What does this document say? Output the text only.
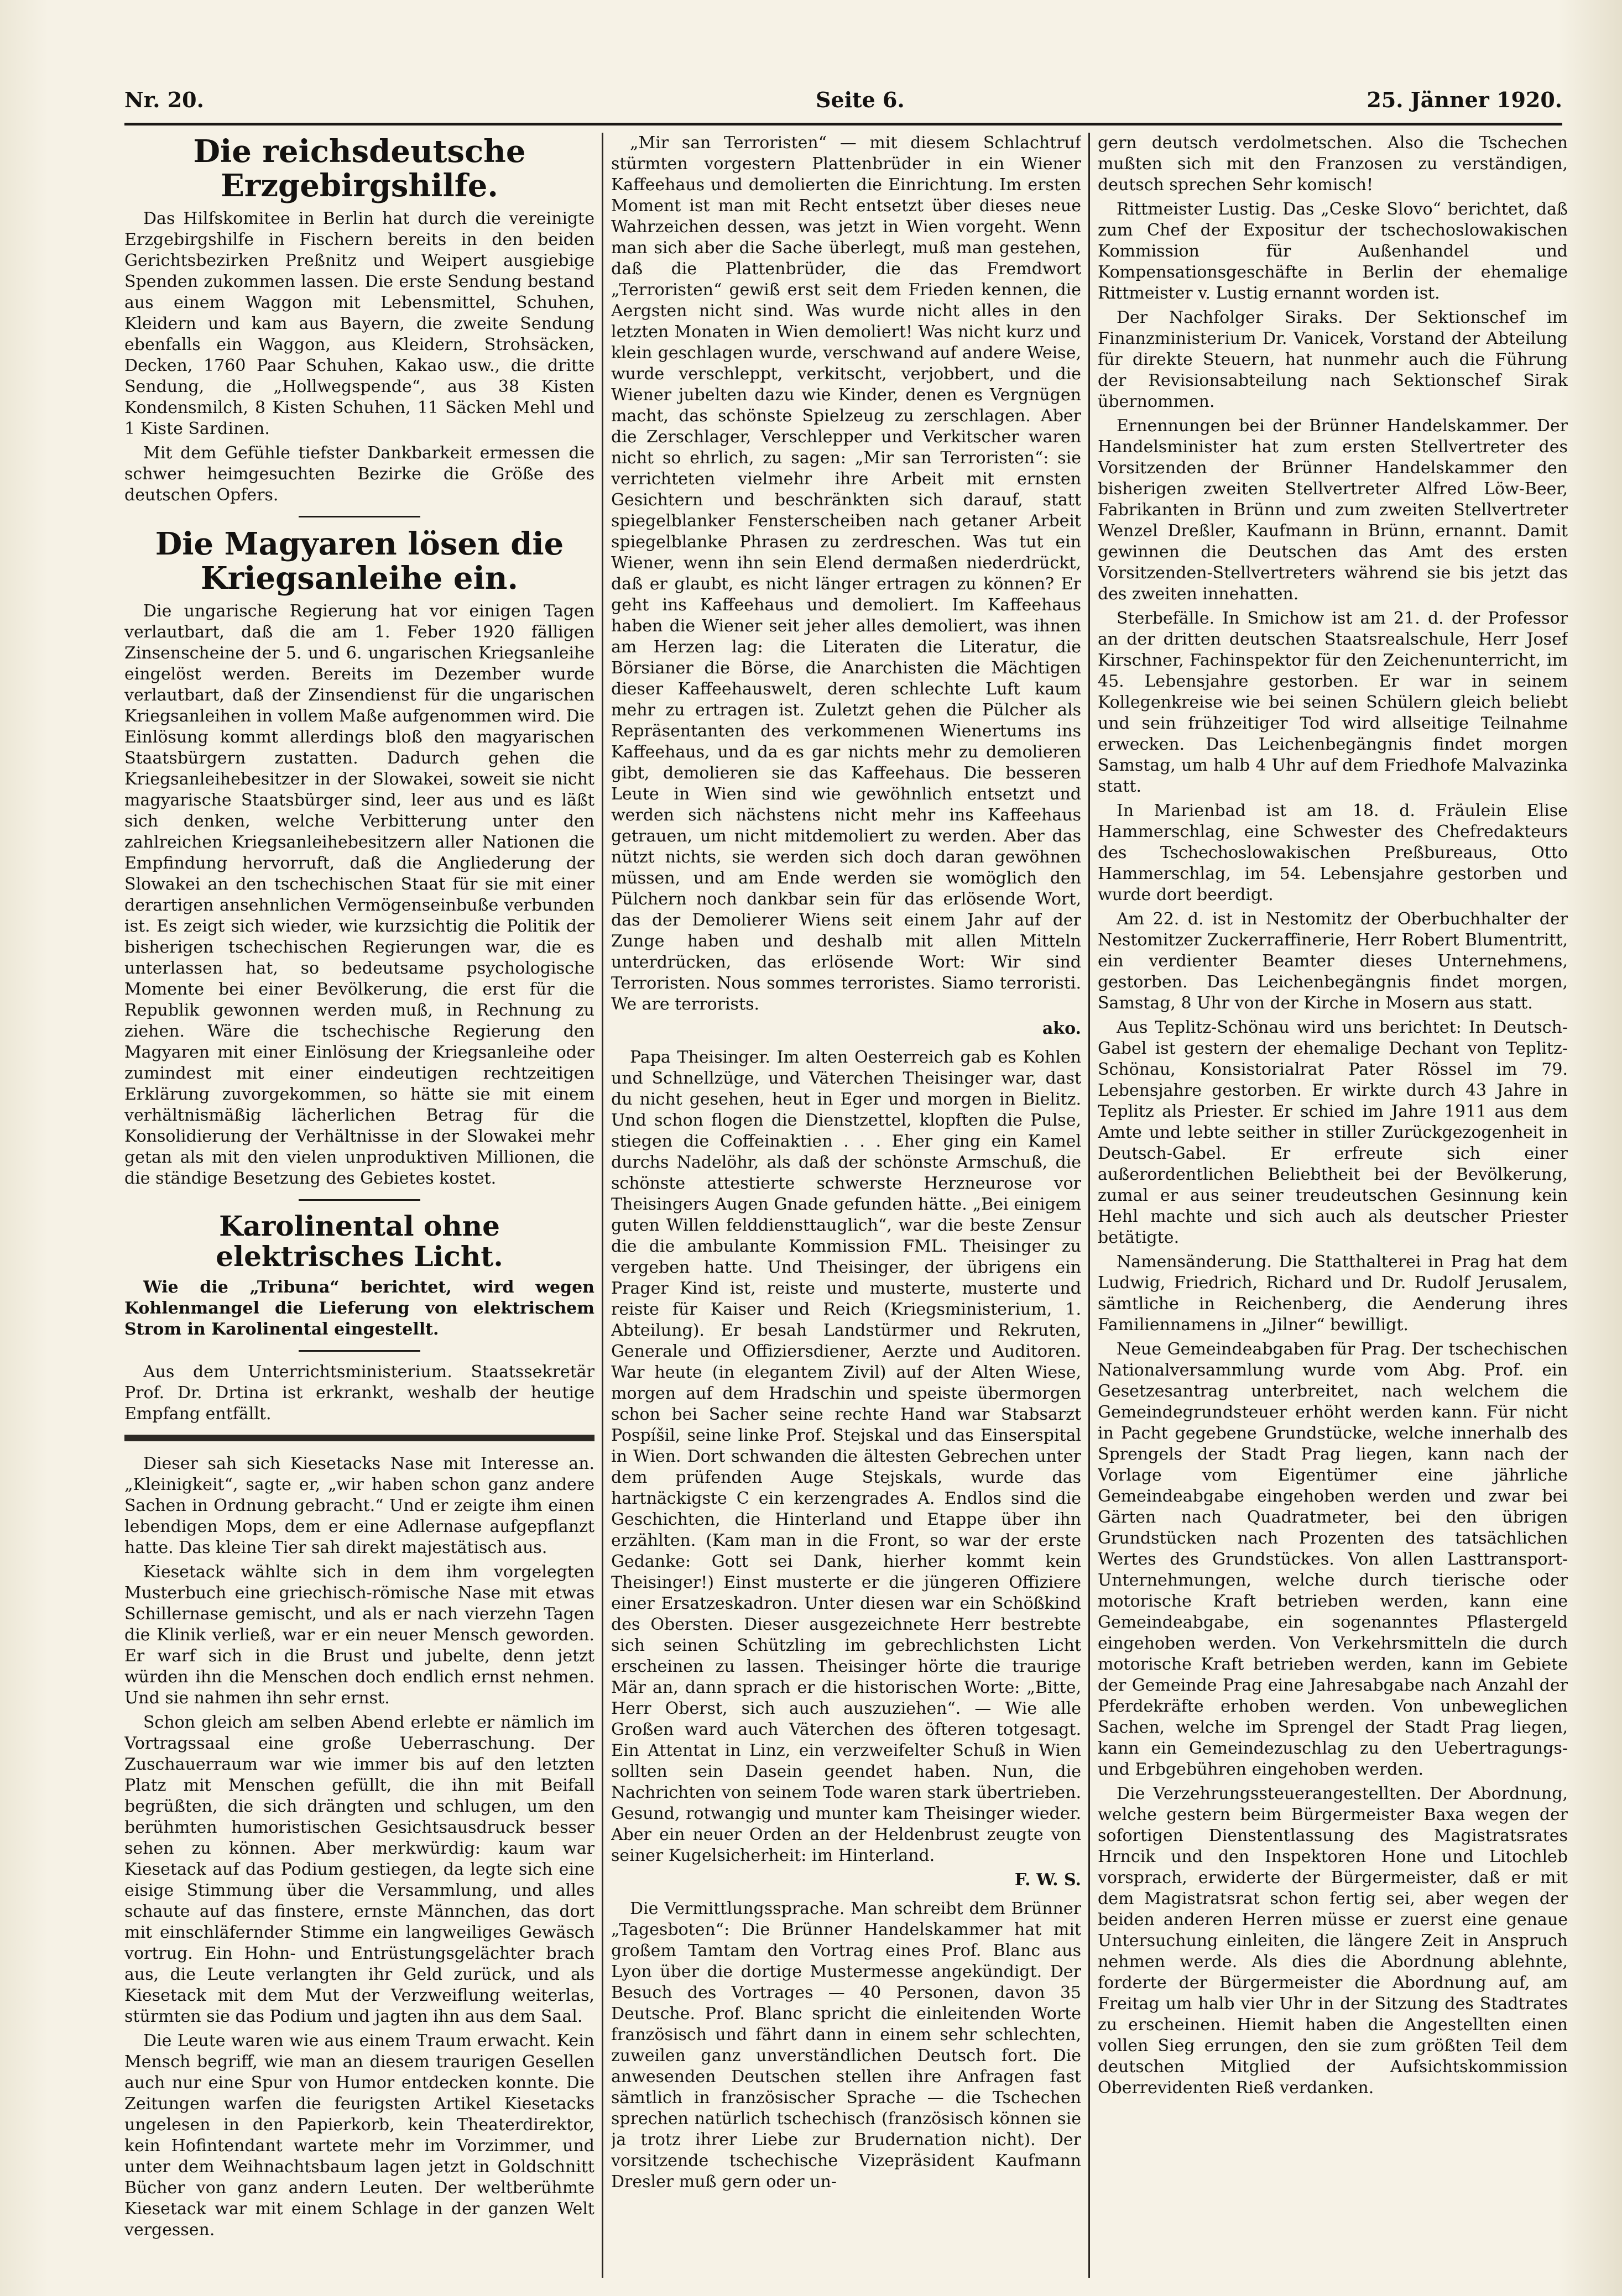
Nr. 20.	Seite 6.	25. Jänner 1920.
Die reichsdeutsche Erzgebirgshilfe.

Das Hilfskomitee in Berlin hat durch die vereinigte Erzgebirgshilfe in Fischern bereits in den beiden Gerichtsbezirken Preßnitz und Weipert ausgiebige Spenden zukommen lassen. Die erste Sendung bestand aus einem Waggon mit Lebensmittel, Schuhen, Kleidern und kam aus Bayern, die zweite Sendung ebenfalls ein Waggon, aus Kleidern, Strohsäcken, Decken, 1760 Paar Schuhen, Kakao usw., die dritte Sendung, die „Hollwegspende“, aus 38 Kisten Kondensmilch, 8 Kisten Schuhen, 11 Säcken Mehl und 1 Kiste Sardinen.

Mit dem Gefühle tiefster Dankbarkeit ermessen die schwer heimgesuchten Bezirke die Größe des deutschen Opfers.

Die Magyaren lösen die Kriegsanleihe ein.

Die ungarische Regierung hat vor einigen Tagen verlautbart, daß die am 1. Feber 1920 fälligen Zinsenscheine der 5. und 6. ungarischen Kriegsanleihe eingelöst werden. Bereits im Dezember wurde verlautbart, daß der Zinsendienst für die ungarischen Kriegsanleihen in vollem Maße aufgenommen wird. Die Einlösung kommt allerdings bloß den magyarischen Staatsbürgern zustatten. Dadurch gehen die Kriegsanleihebesitzer in der Slowakei, soweit sie nicht magyarische Staatsbürger sind, leer aus und es läßt sich denken, welche Verbitterung unter den zahlreichen Kriegsanleihebesitzern aller Nationen die Empfindung hervorruft, daß die Angliederung der Slowakei an den tschechischen Staat für sie mit einer derartigen ansehnlichen Vermögenseinbuße verbunden ist. Es zeigt sich wieder, wie kurzsichtig die Politik der bisherigen tschechischen Regierungen war, die es unterlassen hat, so bedeutsame psychologische Momente bei einer Bevölkerung, die erst für die Republik gewonnen werden muß, in Rechnung zu ziehen. Wäre die tschechische Regierung den Magyaren mit einer Einlösung der Kriegsanleihe oder zumindest mit einer eindeutigen rechtzeitigen Erklärung zuvorgekommen, so hätte sie mit einem verhältnismäßig lächerlichen Betrag für die Konsolidierung der Verhältnisse in der Slowakei mehr getan als mit den vielen unproduktiven Millionen, die die ständige Besetzung des Gebietes kostet.

Karolinental ohne elektrisches Licht.

Wie die „Tribuna“ berichtet, wird wegen Kohlenmangel die Lieferung von elektrischem Strom in Karolinental eingestellt.

Aus dem Unterrichtsministerium. Staatssekretär Prof. Dr. Drtina ist erkrankt, weshalb der heutige Empfang entfällt.

Dieser sah sich Kiesetacks Nase mit Interesse an. „Kleinigkeit“, sagte er, „wir haben schon ganz andere Sachen in Ordnung gebracht.“ Und er zeigte ihm einen lebendigen Mops, dem er eine Adlernase aufgepflanzt hatte. Das kleine Tier sah direkt majestätisch aus.

Kiesetack wählte sich in dem ihm vorgelegten Musterbuch eine griechisch-römische Nase mit etwas Schillernase gemischt, und als er nach vierzehn Tagen die Klinik verließ, war er ein neuer Mensch geworden. Er warf sich in die Brust und jubelte, denn jetzt würden ihn die Menschen doch endlich ernst nehmen. Und sie nahmen ihn sehr ernst.

Schon gleich am selben Abend erlebte er nämlich im Vortragssaal eine große Ueberraschung. Der Zuschauerraum war wie immer bis auf den letzten Platz mit Menschen gefüllt, die ihn mit Beifall begrüßten, die sich drängten und schlugen, um den berühmten humoristischen Gesichtsausdruck besser sehen zu können. Aber merkwürdig: kaum war Kiesetack auf das Podium gestiegen, da legte sich eine eisige Stimmung über die Versammlung, und alles schaute auf das finstere, ernste Männchen, das dort mit einschläfernder Stimme ein langweiliges Gewäsch vortrug. Ein Hohn- und Entrüstungsgelächter brach aus, die Leute verlangten ihr Geld zurück, und als Kiesetack mit dem Mut der Verzweiflung weiterlas, stürmten sie das Podium und jagten ihn aus dem Saal.

Die Leute waren wie aus einem Traum erwacht. Kein Mensch begriff, wie man an diesem traurigen Gesellen auch nur eine Spur von Humor entdecken konnte. Die Zeitungen warfen die feurigsten Artikel Kiesetacks ungelesen in den Papierkorb, kein Theaterdirektor, kein Hofintendant wartete mehr im Vorzimmer, und unter dem Weihnachtsbaum lagen jetzt in Goldschnitt Bücher von ganz andern Leuten. Der weltberühmte Kiesetack war mit einem Schlage in der ganzen Welt vergessen.

„Mir san Terroristen“ — mit diesem Schlachtruf stürmten vorgestern Plattenbrüder in ein Wiener Kaffeehaus und demolierten die Einrichtung. Im ersten Moment ist man mit Recht entsetzt über dieses neue Wahrzeichen dessen, was jetzt in Wien vorgeht. Wenn man sich aber die Sache überlegt, muß man gestehen, daß die Plattenbrüder, die das Fremdwort „Terroristen“ gewiß erst seit dem Frieden kennen, die Aergsten nicht sind. Was wurde nicht alles in den letzten Monaten in Wien demoliert! Was nicht kurz und klein geschlagen wurde, verschwand auf andere Weise, wurde verschleppt, verkitscht, verjobbert, und die Wiener jubelten dazu wie Kinder, denen es Vergnügen macht, das schönste Spielzeug zu zerschlagen. Aber die Zerschlager, Verschlepper und Verkitscher waren nicht so ehrlich, zu sagen: „Mir san Terroristen“: sie verrichteten vielmehr ihre Arbeit mit ernsten Gesichtern und beschränkten sich darauf, statt spiegelblanker Fensterscheiben nach getaner Arbeit spiegelblanke Phrasen zu zerdreschen. Was tut ein Wiener, wenn ihn sein Elend dermaßen niederdrückt, daß er glaubt, es nicht länger ertragen zu können? Er geht ins Kaffeehaus und demoliert. Im Kaffeehaus haben die Wiener seit jeher alles demoliert, was ihnen am Herzen lag: die Literaten die Literatur, die Börsianer die Börse, die Anarchisten die Mächtigen dieser Kaffeehauswelt, deren schlechte Luft kaum mehr zu ertragen ist. Zuletzt gehen die Pülcher als Repräsentanten des verkommenen Wienertums ins Kaffeehaus, und da es gar nichts mehr zu demolieren gibt, demolieren sie das Kaffeehaus. Die besseren Leute in Wien sind wie gewöhnlich entsetzt und werden sich nächstens nicht mehr ins Kaffeehaus getrauen, um nicht mitdemoliert zu werden. Aber das nützt nichts, sie werden sich doch daran gewöhnen müssen, und am Ende werden sie womöglich den Pülchern noch dankbar sein für das erlösende Wort, das der Demolierer Wiens seit einem Jahr auf der Zunge haben und deshalb mit allen Mitteln unterdrücken, das erlösende Wort: Wir sind Terroristen. Nous sommes terroristes. Siamo terroristi. We are terrorists.

ako.

Papa Theisinger. Im alten Oesterreich gab es Kohlen und Schnellzüge, und Väterchen Theisinger war, dast du nicht gesehen, heut in Eger und morgen in Bielitz. Und schon flogen die Dienstzettel, klopften die Pulse, stiegen die Coffeinaktien . . . Eher ging ein Kamel durchs Nadelöhr, als daß der schönste Armschuß, die schönste attestierte schwerste Herzneurose vor Theisingers Augen Gnade gefunden hätte. „Bei einigem guten Willen felddiensttauglich“, war die beste Zensur die die ambulante Kommission FML. Theisinger zu vergeben hatte. Und Theisinger, der übrigens ein Prager Kind ist, reiste und musterte, musterte und reiste für Kaiser und Reich (Kriegsministerium, 1. Abteilung). Er besah Landstürmer und Rekruten, Generale und Offiziersdiener, Aerzte und Auditoren. War heute (in elegantem Zivil) auf der Alten Wiese, morgen auf dem Hradschin und speiste übermorgen schon bei Sacher seine rechte Hand war Stabsarzt Pospíšil, seine linke Prof. Stejskal und das Einserspital in Wien. Dort schwanden die ältesten Gebrechen unter dem prüfenden Auge Stejskals, wurde das hartnäckigste C ein kerzengrades A. Endlos sind die Geschichten, die Hinterland und Etappe über ihn erzählten. (Kam man in die Front, so war der erste Gedanke: Gott sei Dank, hierher kommt kein Theisinger!) Einst musterte er die jüngeren Offiziere einer Ersatzeskadron. Unter diesen war ein Schößkind des Obersten. Dieser ausgezeichnete Herr bestrebte sich seinen Schützling im gebrechlichsten Licht erscheinen zu lassen. Theisinger hörte die traurige Mär an, dann sprach er die historischen Worte: „Bitte, Herr Oberst, sich auch auszuziehen“. — Wie alle Großen ward auch Väterchen des öfteren totgesagt. Ein Attentat in Linz, ein verzweifelter Schuß in Wien sollten sein Dasein geendet haben. Nun, die Nachrichten von seinem Tode waren stark übertrieben. Gesund, rotwangig und munter kam Theisinger wieder. Aber ein neuer Orden an der Heldenbrust zeugte von seiner Kugelsicherheit: im Hinterland.

F. W. S.

Die Vermittlungssprache. Man schreibt dem Brünner „Tagesboten“: Die Brünner Handelskammer hat mit großem Tamtam den Vortrag eines Prof. Blanc aus Lyon über die dortige Mustermesse angekündigt. Der Besuch des Vortrages — 40 Personen, davon 35 Deutsche. Prof. Blanc spricht die einleitenden Worte französisch und fährt dann in einem sehr schlechten, zuweilen ganz unverständlichen Deutsch fort. Die anwesenden Deutschen stellen ihre Anfragen fast sämtlich in französischer Sprache — die Tschechen sprechen natürlich tschechisch (französisch können sie ja trotz ihrer Liebe zur Brudernation nicht). Der vorsitzende tschechische Vizepräsident Kaufmann Dresler muß gern oder un-

gern deutsch verdolmetschen. Also die Tschechen mußten sich mit den Franzosen zu verständigen, deutsch sprechen Sehr komisch!

Rittmeister Lustig. Das „Ceske Slovo“ berichtet, daß zum Chef der Expositur der tschechoslowakischen Kommission für Außenhandel und Kompensationsgeschäfte in Berlin der ehemalige Rittmeister v. Lustig ernannt worden ist.

Der Nachfolger Siraks. Der Sektionschef im Finanzministerium Dr. Vanicek, Vorstand der Abteilung für direkte Steuern, hat nunmehr auch die Führung der Revisionsabteilung nach Sektionschef Sirak übernommen.

Ernennungen bei der Brünner Handelskammer. Der Handelsminister hat zum ersten Stellvertreter des Vorsitzenden der Brünner Handelskammer den bisherigen zweiten Stellvertreter Alfred Löw-Beer, Fabrikanten in Brünn und zum zweiten Stellvertreter Wenzel Dreßler, Kaufmann in Brünn, ernannt. Damit gewinnen die Deutschen das Amt des ersten Vorsitzenden-Stellvertreters während sie bis jetzt das des zweiten innehatten.

Sterbefälle. In Smichow ist am 21. d. der Professor an der dritten deutschen Staatsrealschule, Herr Josef Kirschner, Fachinspektor für den Zeichenunterricht, im 45. Lebensjahre gestorben. Er war in seinem Kollegenkreise wie bei seinen Schülern gleich beliebt und sein frühzeitiger Tod wird allseitige Teilnahme erwecken. Das Leichenbegängnis findet morgen Samstag, um halb 4 Uhr auf dem Friedhofe Malvazinka statt.

In Marienbad ist am 18. d. Fräulein Elise Hammerschlag, eine Schwester des Chefredakteurs des Tschechoslowakischen Preßbureaus, Otto Hammerschlag, im 54. Lebensjahre gestorben und wurde dort beerdigt.

Am 22. d. ist in Nestomitz der Oberbuchhalter der Nestomitzer Zuckerraffinerie, Herr Robert Blumentritt, ein verdienter Beamter dieses Unternehmens, gestorben. Das Leichenbegängnis findet morgen, Samstag, 8 Uhr von der Kirche in Mosern aus statt.

Aus Teplitz-Schönau wird uns berichtet: In Deutsch-Gabel ist gestern der ehemalige Dechant von Teplitz-Schönau, Konsistorialrat Pater Rössel im 79. Lebensjahre gestorben. Er wirkte durch 43 Jahre in Teplitz als Priester. Er schied im Jahre 1911 aus dem Amte und lebte seither in stiller Zurückgezogenheit in Deutsch-Gabel. Er erfreute sich einer außerordentlichen Beliebtheit bei der Bevölkerung, zumal er aus seiner treudeutschen Gesinnung kein Hehl machte und sich auch als deutscher Priester betätigte.

Namensänderung. Die Statthalterei in Prag hat dem Ludwig, Friedrich, Richard und Dr. Rudolf Jerusalem, sämtliche in Reichenberg, die Aenderung ihres Familiennamens in „Jilner“ bewilligt.

Neue Gemeindeabgaben für Prag. Der tschechischen Nationalversammlung wurde vom Abg. Prof. ein Gesetzesantrag unterbreitet, nach welchem die Gemeindegrundsteuer erhöht werden kann. Für nicht in Pacht gegebene Grundstücke, welche innerhalb des Sprengels der Stadt Prag liegen, kann nach der Vorlage vom Eigentümer eine jährliche Gemeindeabgabe eingehoben werden und zwar bei Gärten nach Quadratmeter, bei den übrigen Grundstücken nach Prozenten des tatsächlichen Wertes des Grundstückes. Von allen Lasttransport-Unternehmungen, welche durch tierische oder motorische Kraft betrieben werden, kann eine Gemeindeabgabe, ein sogenanntes Pflastergeld eingehoben werden. Von Verkehrsmitteln die durch motorische Kraft betrieben werden, kann im Gebiete der Gemeinde Prag eine Jahresabgabe nach Anzahl der Pferdekräfte erhoben werden. Von unbeweglichen Sachen, welche im Sprengel der Stadt Prag liegen, kann ein Gemeindezuschlag zu den Uebertragungs- und Erbgebühren eingehoben werden.

Die Verzehrungssteuerangestellten. Der Abordnung, welche gestern beim Bürgermeister Baxa wegen der sofortigen Dienstentlassung des Magistratsrates Hrncik und den Inspektoren Hone und Litochleb vorsprach, erwiderte der Bürgermeister, daß er mit dem Magistratsrat schon fertig sei, aber wegen der beiden anderen Herren müsse er zuerst eine genaue Untersuchung einleiten, die längere Zeit in Anspruch nehmen werde. Als dies die Abordnung ablehnte, forderte der Bürgermeister die Abordnung auf, am Freitag um halb vier Uhr in der Sitzung des Stadtrates zu erscheinen. Hiemit haben die Angestellten einen vollen Sieg errungen, den sie zum größten Teil dem deutschen Mitglied der Aufsichtskommission Oberrevidenten Rieß verdanken.
